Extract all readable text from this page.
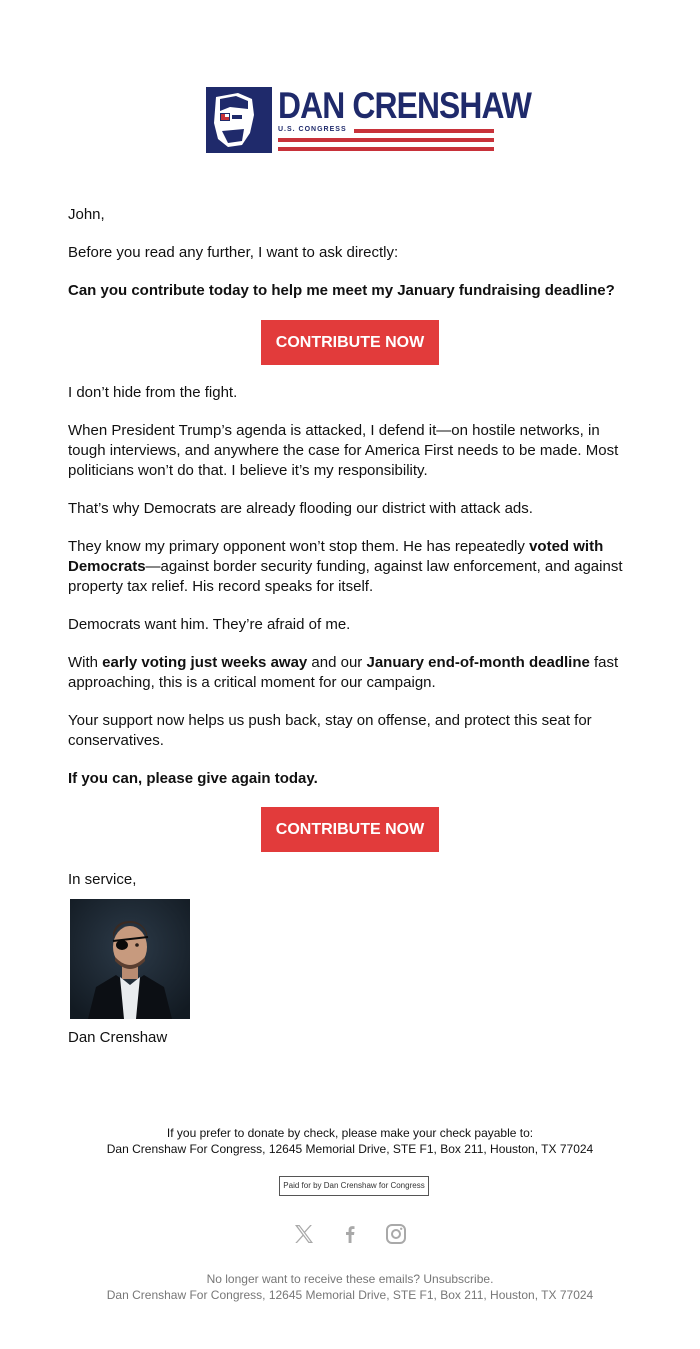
DAN CRENSHAW
U.S. CONGRESS
John,
Before you read any further, I want to ask directly:
Can you contribute today to help me meet my January fundraising deadline?
CONTRIBUTE NOW
I don’t hide from the fight.
When President Trump’s agenda is attacked, I defend it—on hostile networks, in tough interviews, and anywhere the case for America First needs to be made. Most politicians won’t do that. I believe it’s my responsibility.
That’s why Democrats are already flooding our district with attack ads.
They know my primary opponent won’t stop them. He has repeatedly voted with Democrats—against border security funding, against law enforcement, and against property tax relief. His record speaks for itself.
Democrats want him. They’re afraid of me.
With early voting just weeks away and our January end-of-month deadline fast approaching, this is a critical moment for our campaign.
Your support now helps us push back, stay on offense, and protect this seat for conservatives.
If you can, please give again today.
CONTRIBUTE NOW
In service,
Dan Crenshaw
If you prefer to donate by check, please make your check payable to:
Dan Crenshaw For Congress, 12645 Memorial Drive, STE F1, Box 211, Houston, TX 77024
Paid for by Dan Crenshaw for Congress
No longer want to receive these emails? Unsubscribe.
Dan Crenshaw For Congress, 12645 Memorial Drive, STE F1, Box 211, Houston, TX 77024
